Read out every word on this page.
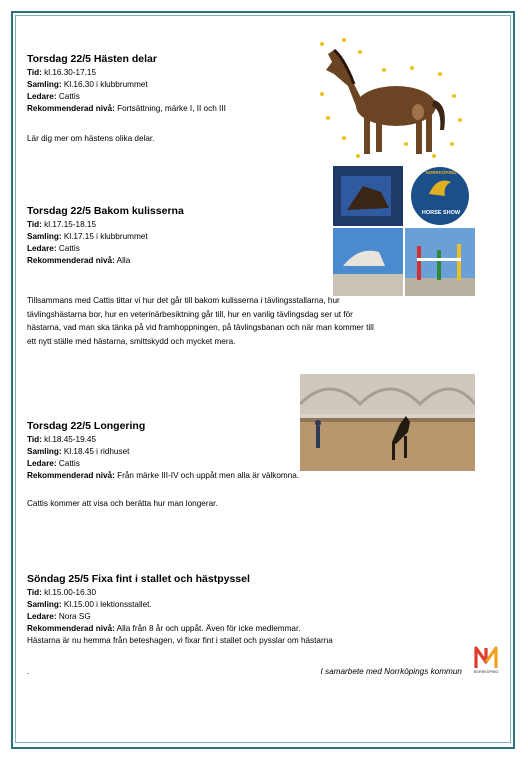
Torsdag 22/5 Hästen delar
Tid: kl.16.30-17.15
Samling: Kl.16.30 i klubbrummet
Ledare: Cattis
Rekommenderad nivå: Fortsättning, märke I, II och III
Lär dig mer om hästens olika delar.
Torsdag 22/5 Bakom kulisserna
Tid: kl.17.15-18.15
Samling: Kl.17.15 i klubbrummet
Ledare: Cattis
Rekommenderad nivå: Alla
Tillsammans med Cattis tittar vi hur det går till bakom kulisserna i tävlingsstallarna, hur
tävlingshästarna bor, hur en veterinärbesiktning går till, hur en vanlig tävlingsdag ser ut för
hästarna, vad man ska tänka på vid framhoppningen, på tävlingsbanan och när man kommer till
ett nytt ställe med hästarna, smittskydd och mycket mera.
NORRKÖPING
HORSE SHOW
Torsdag 22/5 Longering
Tid: kl.18.45-19.45
Samling: Kl.18.45 i ridhuset
Ledare: Cattis
Rekommenderad nivå: Från märke III-IV och uppåt men alla är välkomna.
Cattis kommer att visa och berätta hur man longerar.
Söndag 25/5 Fixa fint i stallet och hästpyssel
Tid: kl.15.00-16.30
Samling: Kl.15.00 i lektionsstallet.
Ledare: Nora SG
Rekommenderad nivå: Alla från 8 år och uppåt. Även för icke medlemmar.
Hästarna är nu hemma från beteshagen, vi fixar fint i stallet och pysslar om hästarna
.	I samarbete med Norrköpings kommun	NORRKÖPING
